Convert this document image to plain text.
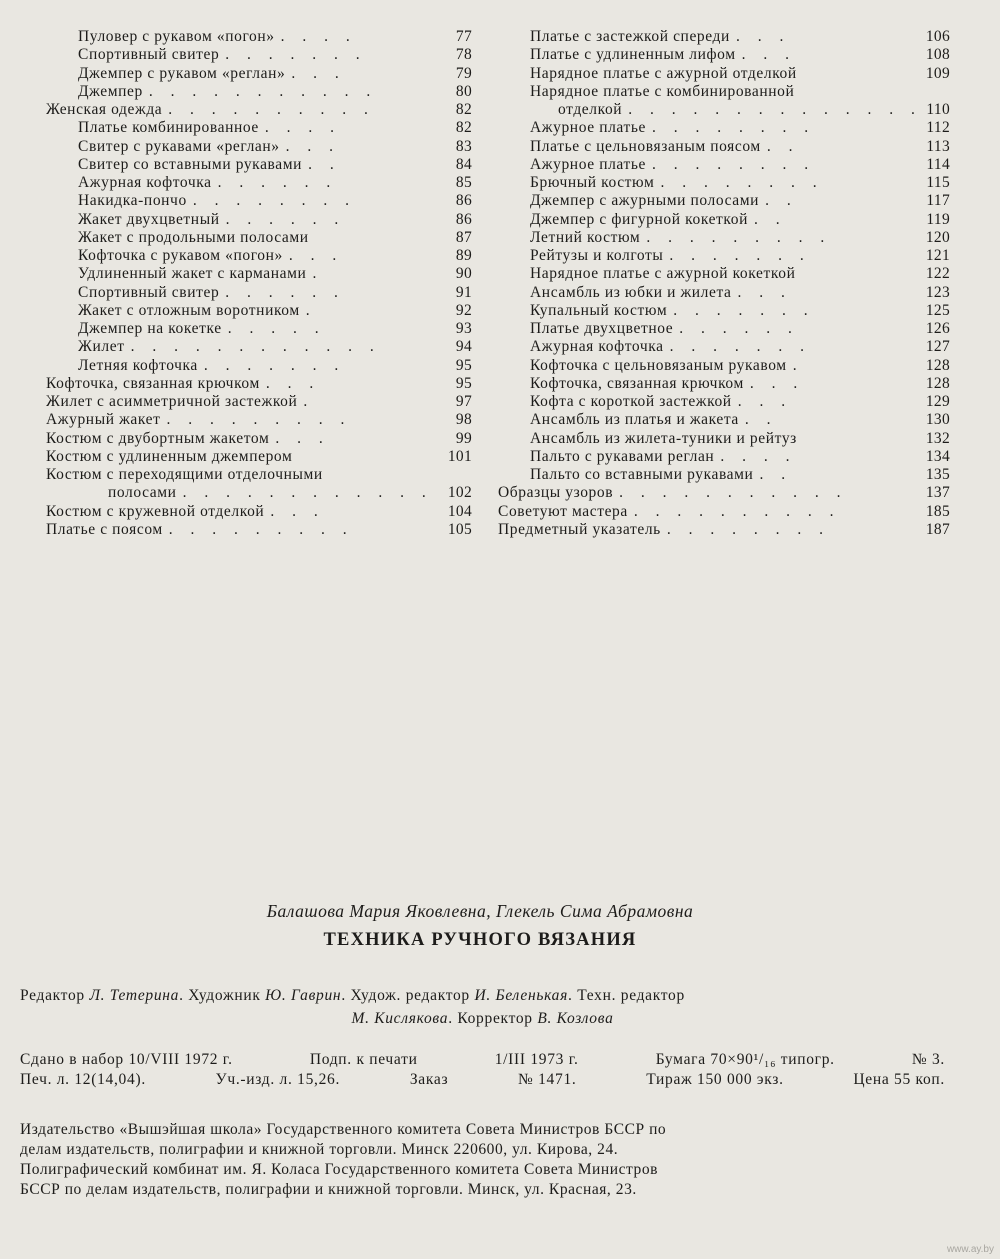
Пуловер с рукавом «погон» . . . .	77
Спортивный свитер . . . . . . .	78
Джемпер с рукавом «реглан» . . .	79
Джемпер . . . . . . . . . . .	80
Женская одежда . . . . . . . . . .	82
Платье комбинированное . . . .	82
Свитер с рукавами «реглан» . . .	83
Свитер со вставными рукавами . .	84
Ажурная кофточка . . . . . .	85
Накидка-пончо . . . . . . . .	86
Жакет двухцветный . . . . . .	86
Жакет с продольными полосами	87
Кофточка с рукавом «погон» . . .	89
Удлиненный жакет с карманами .	90
Спортивный свитер . . . . . .	91
Жакет с отложным воротником .	92
Джемпер на кокетке . . . . .	93
Жилет . . . . . . . . . . . .	94
Летняя кофточка . . . . . . .	95
Кофточка, связанная крючком . . .	95
Жилет с асимметричной застежкой .	97
Ажурный жакет . . . . . . . . .	98
Костюм с двубортным жакетом . . .	99
Костюм с удлиненным джемпером	101
Костюм с переходящими отделочными
полосами . . . . . . . . . . . . 102
Костюм с кружевной отделкой . . .	104
Платье с поясом . . . . . . . . .	105
Платье с застежкой спереди . . .	106
Платье с удлиненным лифом . . .	108
Нарядное платье с ажурной отделкой	109
Нарядное платье с комбинированной
отделкой . . . . . . . . . . . . . . 110
Ажурное платье . . . . . . . .	112
Платье с цельновязаным поясом . .	113
Ажурное платье . . . . . . . .	114
Брючный костюм . . . . . . . .	115
Джемпер с ажурными полосами . .	117
Джемпер с фигурной кокеткой . .	119
Летний костюм . . . . . . . . .	120
Рейтузы и колготы . . . . . . .	121
Нарядное платье с ажурной кокеткой	122
Ансамбль из юбки и жилета . . .	123
Купальный костюм . . . . . . .	125
Платье двухцветное . . . . . .	126
Ажурная кофточка . . . . . . .	127
Кофточка с цельновязаным рукавом .	128
Кофточка, связанная крючком . . .	128
Кофта с короткой застежкой . . .	129
Ансамбль из платья и жакета . .	130
Ансамбль из жилета-туники и рейтуз	132
Пальто с рукавами реглан . . . .	134
Пальто со вставными рукавами . .	135
Образцы узоров . . . . . . . . . . .	137
Советуют мастера . . . . . . . . . .	185
Предметный указатель . . . . . . . .	187
Балашова Мария Яковлевна, Глекель Сима Абрамовна
ТЕХНИКА РУЧНОГО ВЯЗАНИЯ
Редактор Л. Тетерина. Художник Ю. Гаврин. Худож. редактор И. Беленькая. Техн. редактор
М. Кислякова. Корректор В. Козлова
Сдано в набор 10/VIII 1972 г.	Подп. к печати	1/III 1973 г.	Бумага 70×90¹/₁₆ типогр.	№ 3.
Печ. л. 12(14,04).	Уч.-изд. л. 15,26.	Заказ	№ 1471.	Тираж 150 000 экз.	Цена 55 коп.
Издательство «Вышэйшая школа» Государственного комитета Совета Министров БССР по
делам издательств, полиграфии и книжной торговли. Минск 220600, ул. Кирова, 24.
Полиграфический комбинат им. Я. Коласа Государственного комитета Совета Министров
БССР по делам издательств, полиграфии и книжной торговли. Минск, ул. Красная, 23.
www.ay.by
